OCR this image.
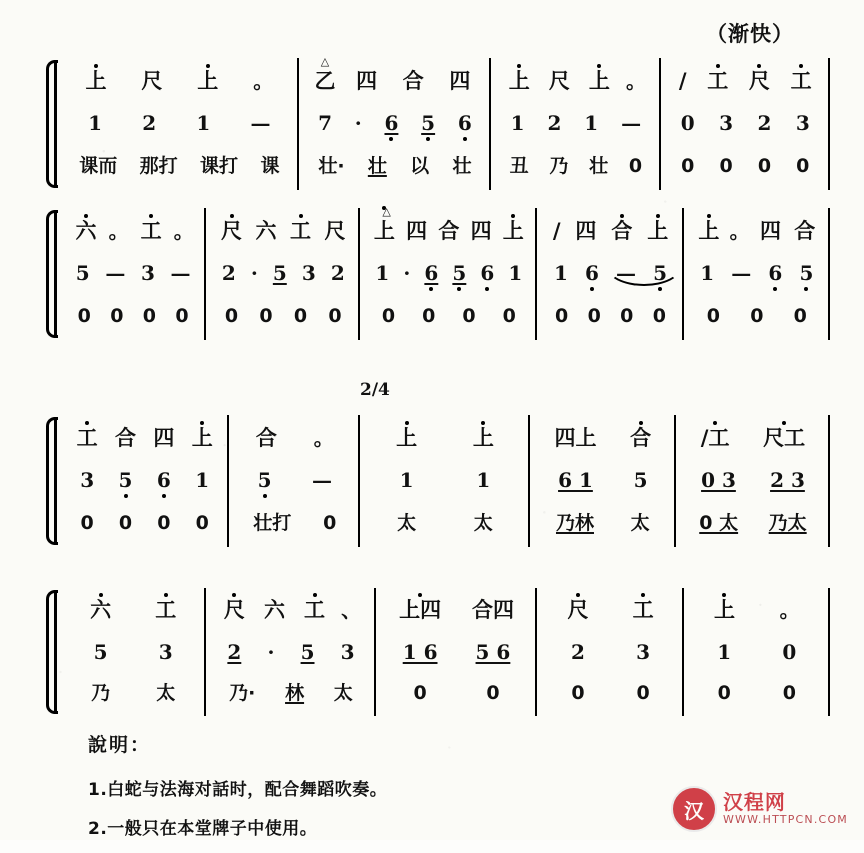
（渐快）
上	尺	上	。
1	2	1	—
课而 那打 课打 课
△ 乙 四	合	四
7 · 6 5 6
壮· 壮 以 壮
上 尺 上 。
1 2 1 —
丑 乃 壮 0
/ 工 尺 工
0 3 2 3
0 0 0 0
六 。 工 。
5 — 3 —
0 0 0 0
尺 六 工 尺
2 · 5 3 2
0 0 0 0
△ 上 四 合 四 上
1 · 6 5 6 1
0 0 0 0
/ 四 合 上
1 6 — 5
0 0 0 0
上 。 四 合
1 — 6 5
0 0 0
2/4
工 合 四 上
3 5 6 1
0 0 0 0
合	。
5	—
壮打	0
上	上
1	1
太	太
四上 合
6 1 5
乃林 太
/工 尺工
0 3 2 3
0 太 乃太
六	工
5	3
乃	太
尺 六 工 、
2 · 5 3
乃· 林 太
上四	合四
1 6	5 6
0	0
尺	工
2	3
0	0
上	。
1	0
0	0
說明：
1.白蛇与法海对話时，配合舞蹈吹奏。
2.一般只在本堂牌子中使用。
汉 汉程网
WWW.HTTPCN.COM
